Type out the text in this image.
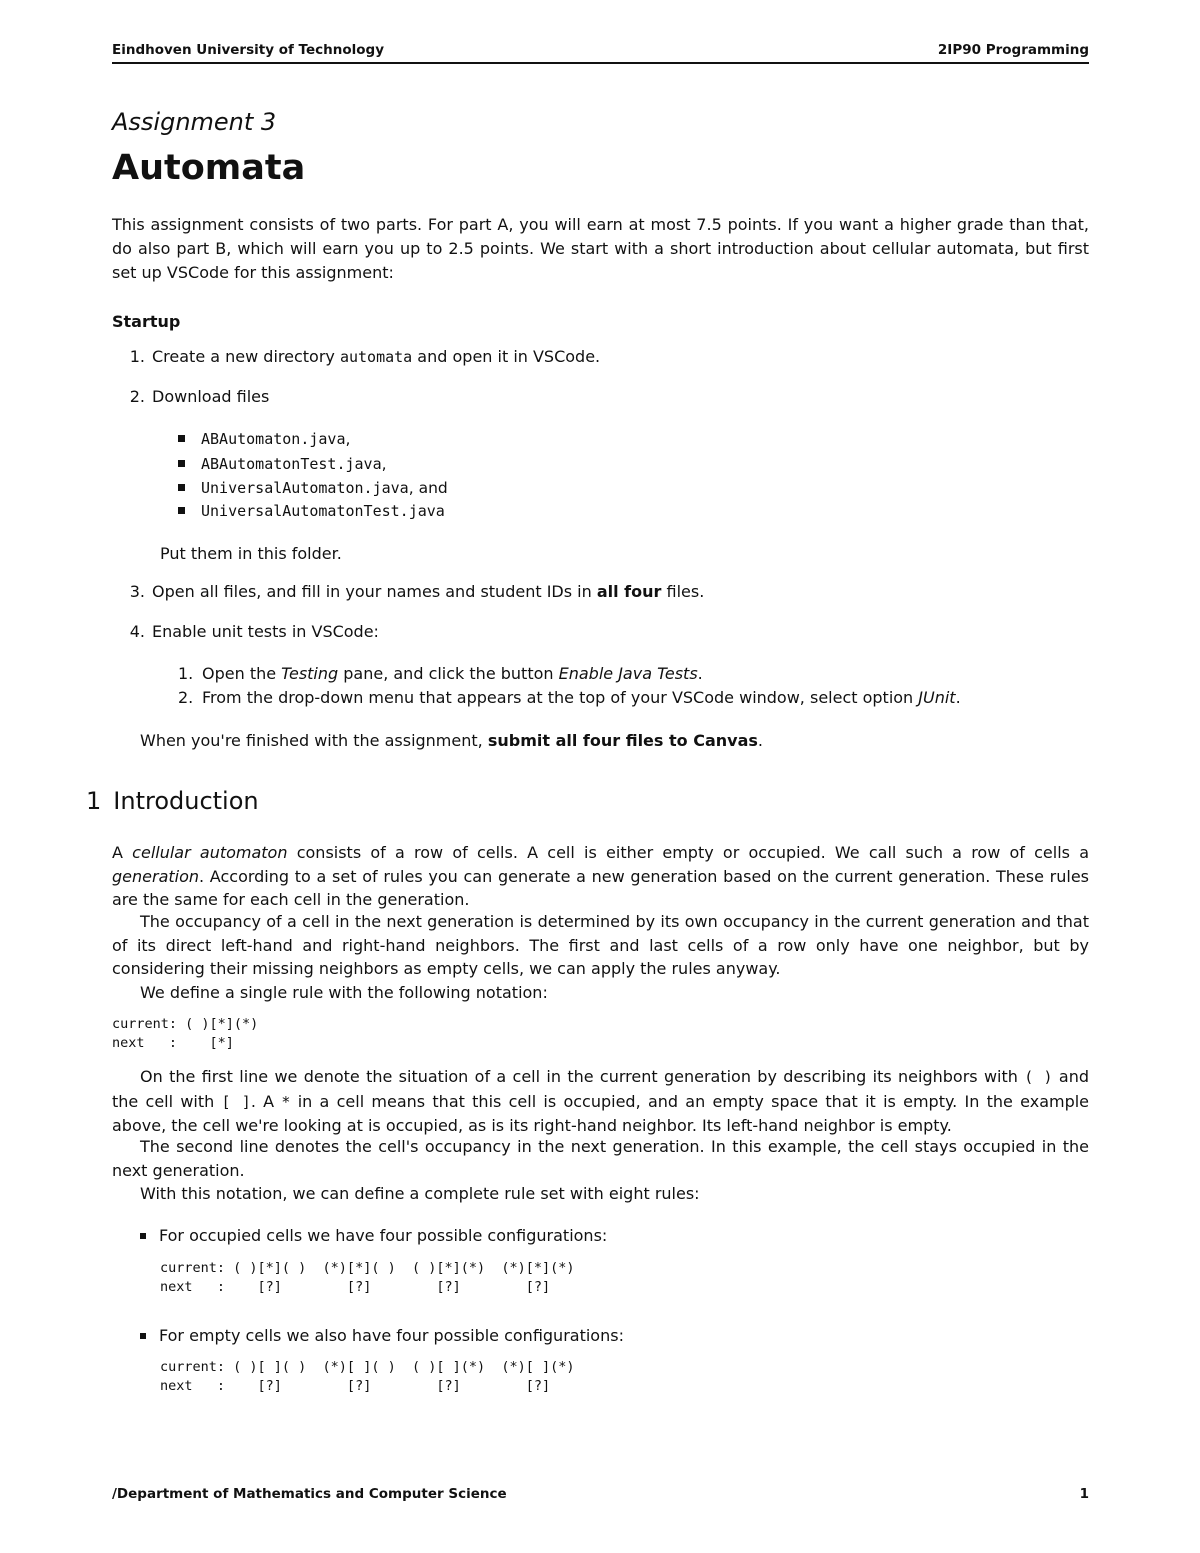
Eindhoven University of Technology	2IP90 Programming
Assignment 3
Automata

This assignment consists of two parts. For part A, you will earn at most 7.5 points. If you want a higher grade than that, do also part B, which will earn you up to 2.5 points. We start with a short introduction about cellular automata, but first set up VSCode for this assignment:

Startup
1. Create a new directory automata and open it in VSCode.
2. Download files
ABAutomaton.java,
ABAutomatonTest.java,
UniversalAutomaton.java, and
UniversalAutomatonTest.java
Put them in this folder.
3. Open all files, and fill in your names and student IDs in all four files.
4. Enable unit tests in VSCode:
1. Open the Testing pane, and click the button Enable Java Tests.
2. From the drop-down menu that appears at the top of your VSCode window, select option JUnit.
When you're finished with the assignment, submit all four files to Canvas.
1 Introduction

A cellular automaton consists of a row of cells. A cell is either empty or occupied. We call such a row of cells a generation. According to a set of rules you can generate a new generation based on the current generation. These rules are the same for each cell in the generation.

The occupancy of a cell in the next generation is determined by its own occupancy in the current generation and that of its direct left-hand and right-hand neighbors. The first and last cells of a row only have one neighbor, but by considering their missing neighbors as empty cells, we can apply the rules anyway.

We define a single rule with the following notation:

current: ( )[*](*)
next   :    [*]

On the first line we denote the situation of a cell in the current generation by describing its neighbors with ( ) and the cell with [ ]. A * in a cell means that this cell is occupied, and an empty space that it is empty. In the example above, the cell we're looking at is occupied, as is its right-hand neighbor. Its left-hand neighbor is empty.

The second line denotes the cell's occupancy in the next generation. In this example, the cell stays occupied in the next generation.

With this notation, we can define a complete rule set with eight rules:

For occupied cells we have four possible configurations:
current: ( )[*]( )  (*)[*]( )  ( )[*](*)  (*)[*](*)
next   :    [?]        [?]        [?]        [?]
For empty cells we also have four possible configurations:
current: ( )[ ]( )  (*)[ ]( )  ( )[ ](*)  (*)[ ](*)
next   :    [?]        [?]        [?]        [?]
/Department of Mathematics and Computer Science	1
